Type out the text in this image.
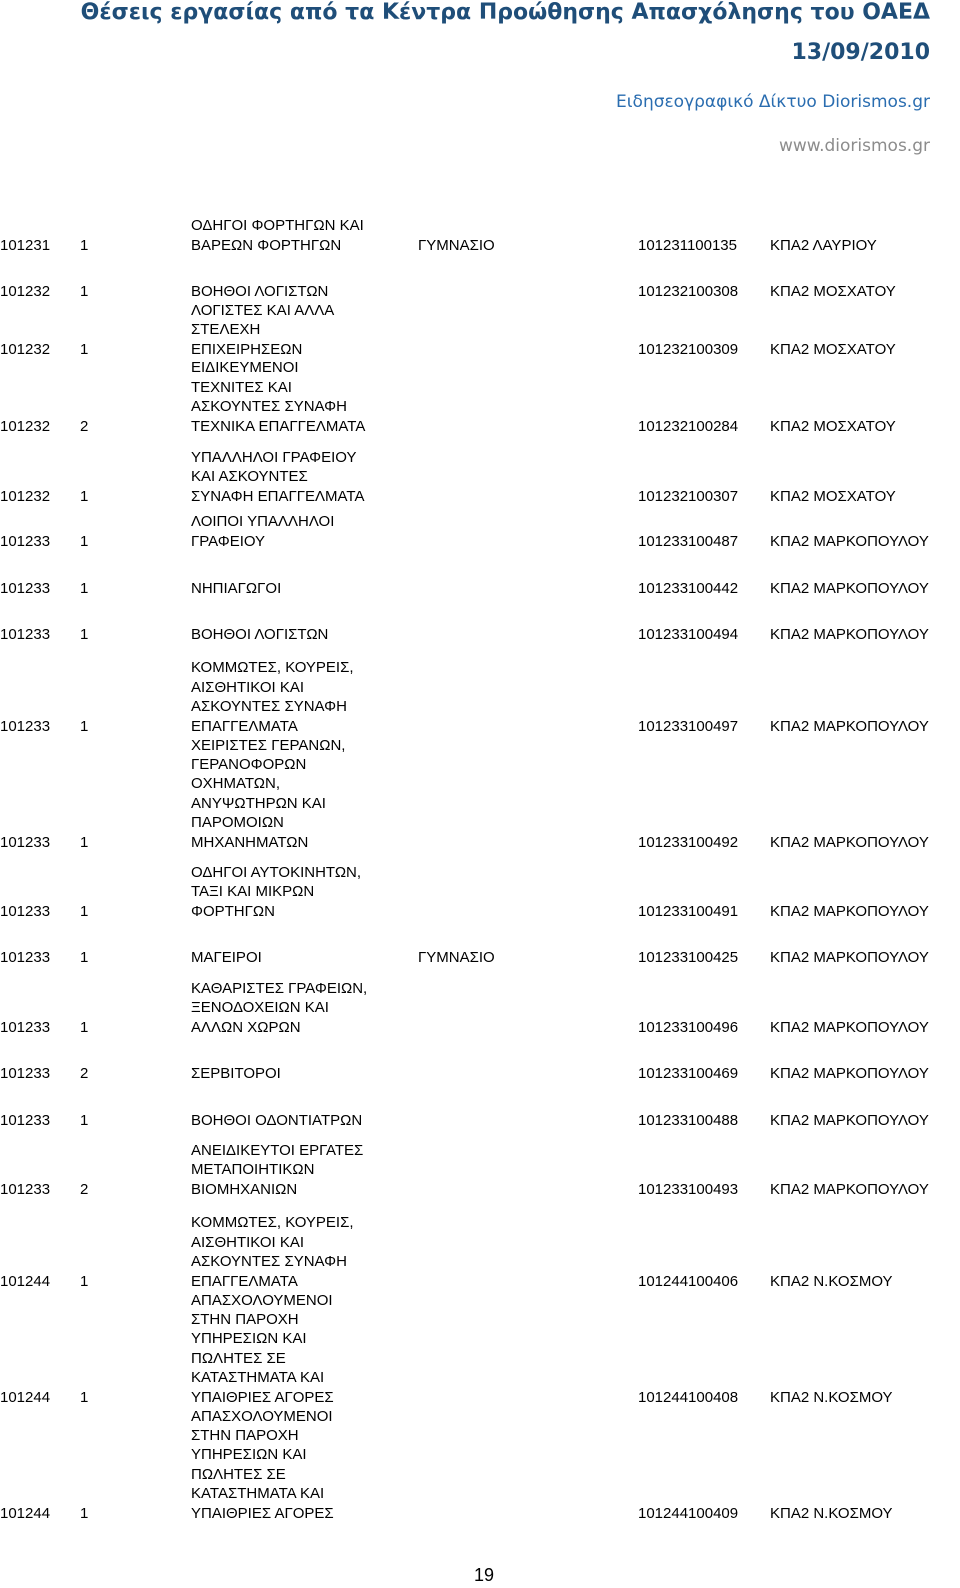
Θέσεις εργασίας από τα Κέντρα Προώθησης Απασχόλησης του ΟΑΕΔ
13/09/2010
Ειδησεογραφικό Δίκτυο Diorismos.gr
www.diorismos.gr
101231 1
ΟΔΗΓΟΙ ΦΟΡΤΗΓΩΝ ΚΑΙ
ΒΑΡΕΩΝ ΦΟΡΤΗΓΩΝ	ΓΥΜΝΑΣΙΟ	101231100135 ΚΠΑ2 ΛΑΥΡΙΟΥ
101232 1	ΒΟΗΘΟΙ ΛΟΓΙΣΤΩΝ	101232100308 ΚΠΑ2 ΜΟΣΧΑΤΟΥ
101232 1
ΛΟΓΙΣΤΕΣ ΚΑΙ ΑΛΛΑ
ΣΤΕΛΕΧΗ
ΕΠΙΧΕΙΡΗΣΕΩΝ	101232100309 ΚΠΑ2 ΜΟΣΧΑΤΟΥ
101232 2
ΕΙΔΙΚΕΥΜΕΝΟΙ
ΤΕΧΝΙΤΕΣ ΚΑΙ
ΑΣΚΟΥΝΤΕΣ ΣΥΝΑΦΗ
ΤΕΧΝΙΚΑ ΕΠΑΓΓΕΛΜΑΤΑ	101232100284 ΚΠΑ2 ΜΟΣΧΑΤΟΥ
101232 1
ΥΠΑΛΛΗΛΟΙ ΓΡΑΦΕΙΟΥ
ΚΑΙ ΑΣΚΟΥΝΤΕΣ
ΣΥΝΑΦΗ ΕΠΑΓΓΕΛΜΑΤΑ	101232100307 ΚΠΑ2 ΜΟΣΧΑΤΟΥ
101233 1
ΛΟΙΠΟΙ ΥΠΑΛΛΗΛΟΙ
ΓΡΑΦΕΙΟΥ	101233100487 ΚΠΑ2 ΜΑΡΚΟΠΟΥΛΟΥ
101233 1	ΝΗΠΙΑΓΩΓΟΙ	101233100442 ΚΠΑ2 ΜΑΡΚΟΠΟΥΛΟΥ
101233 1	ΒΟΗΘΟΙ ΛΟΓΙΣΤΩΝ	101233100494 ΚΠΑ2 ΜΑΡΚΟΠΟΥΛΟΥ
101233 1
ΚΟΜΜΩΤΕΣ, ΚΟΥΡΕΙΣ,
ΑΙΣΘΗΤΙΚΟΙ ΚΑΙ
ΑΣΚΟΥΝΤΕΣ ΣΥΝΑΦΗ
ΕΠΑΓΓΕΛΜΑΤΑ	101233100497 ΚΠΑ2 ΜΑΡΚΟΠΟΥΛΟΥ
101233 1
ΧΕΙΡΙΣΤΕΣ ΓΕΡΑΝΩΝ,
ΓΕΡΑΝΟΦΟΡΩΝ
ΟΧΗΜΑΤΩΝ,
ΑΝΥΨΩΤΗΡΩΝ ΚΑΙ
ΠΑΡΟΜΟΙΩΝ
ΜΗΧΑΝΗΜΑΤΩΝ	101233100492 ΚΠΑ2 ΜΑΡΚΟΠΟΥΛΟΥ
101233 1
ΟΔΗΓΟΙ ΑΥΤΟΚΙΝΗΤΩΝ,
ΤΑΞΙ ΚΑΙ ΜΙΚΡΩΝ
ΦΟΡΤΗΓΩΝ	101233100491 ΚΠΑ2 ΜΑΡΚΟΠΟΥΛΟΥ
101233 1	ΜΑΓΕΙΡΟΙ	ΓΥΜΝΑΣΙΟ	101233100425 ΚΠΑ2 ΜΑΡΚΟΠΟΥΛΟΥ
101233 1
ΚΑΘΑΡΙΣΤΕΣ ΓΡΑΦΕΙΩΝ,
ΞΕΝΟΔΟΧΕΙΩΝ ΚΑΙ
ΑΛΛΩΝ ΧΩΡΩΝ	101233100496 ΚΠΑ2 ΜΑΡΚΟΠΟΥΛΟΥ
101233 2	ΣΕΡΒΙΤΟΡΟΙ	101233100469 ΚΠΑ2 ΜΑΡΚΟΠΟΥΛΟΥ
101233 1	ΒΟΗΘΟΙ ΟΔΟΝΤΙΑΤΡΩΝ	101233100488 ΚΠΑ2 ΜΑΡΚΟΠΟΥΛΟΥ
101233 2
ΑΝΕΙΔΙΚΕΥΤΟΙ ΕΡΓΑΤΕΣ
ΜΕΤΑΠΟΙΗΤΙΚΩΝ
ΒΙΟΜΗΧΑΝΙΩΝ	101233100493 ΚΠΑ2 ΜΑΡΚΟΠΟΥΛΟΥ
101244 1
ΚΟΜΜΩΤΕΣ, ΚΟΥΡΕΙΣ,
ΑΙΣΘΗΤΙΚΟΙ ΚΑΙ
ΑΣΚΟΥΝΤΕΣ ΣΥΝΑΦΗ
ΕΠΑΓΓΕΛΜΑΤΑ	101244100406 ΚΠΑ2 Ν.ΚΟΣΜΟΥ
101244 1
ΑΠΑΣΧΟΛΟΥΜΕΝΟΙ
ΣΤΗΝ ΠΑΡΟΧΗ
ΥΠΗΡΕΣΙΩΝ ΚΑΙ
ΠΩΛΗΤΕΣ ΣΕ
ΚΑΤΑΣΤΗΜΑΤΑ ΚΑΙ
ΥΠΑΙΘΡΙΕΣ ΑΓΟΡΕΣ	101244100408 ΚΠΑ2 Ν.ΚΟΣΜΟΥ
101244 1
ΑΠΑΣΧΟΛΟΥΜΕΝΟΙ
ΣΤΗΝ ΠΑΡΟΧΗ
ΥΠΗΡΕΣΙΩΝ ΚΑΙ
ΠΩΛΗΤΕΣ ΣΕ
ΚΑΤΑΣΤΗΜΑΤΑ ΚΑΙ
ΥΠΑΙΘΡΙΕΣ ΑΓΟΡΕΣ	101244100409 ΚΠΑ2 Ν.ΚΟΣΜΟΥ
19
